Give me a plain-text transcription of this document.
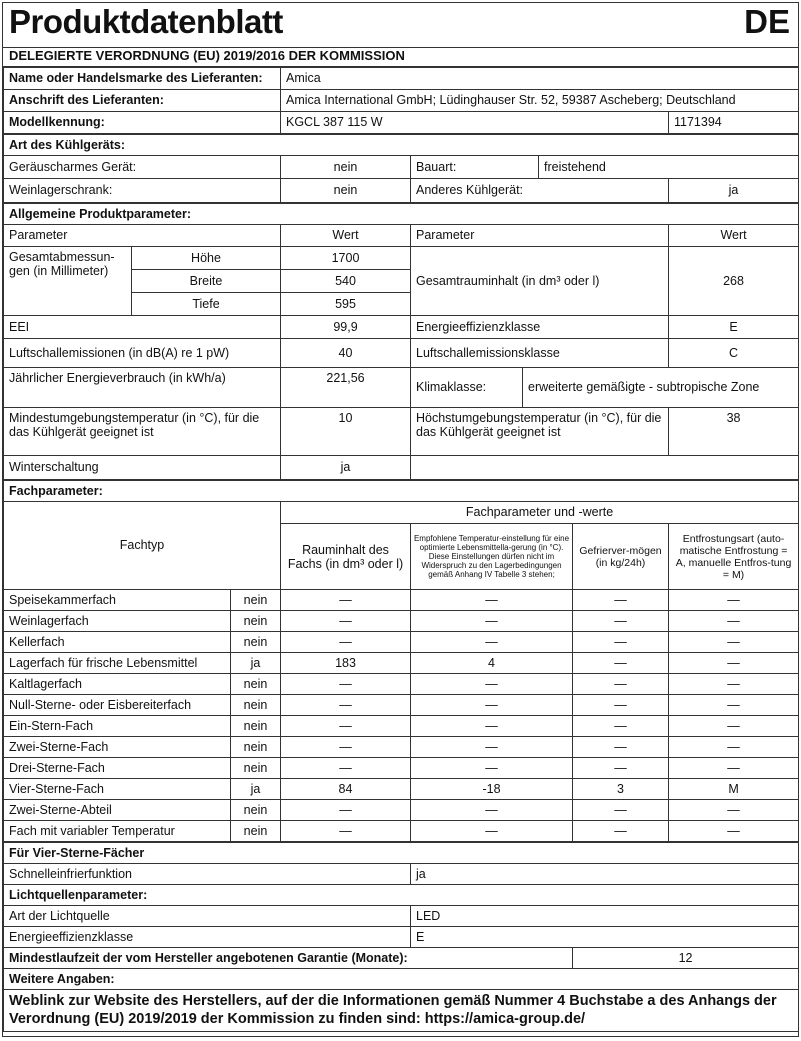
Produktdatenblatt	DE
DELEGIERTE VERORDNUNG (EU) 2019/2016 DER KOMMISSION
Name oder Handelsmarke des Lieferanten:	Amica	
Anschrift des Lieferanten:	Amica International GmbH; Lüdinghauser Str. 52, 59387 Ascheberg; Deutschland	
Modellkennung:	KGCL 387 115 W	1171394
Art des Kühlgeräts:				
Geräuscharmes Gerät:	nein	Bauart:	freistehend	
Weinlagerschrank:	nein	Anderes Kühlgerät:		ja
Allgemeine Produktparameter:					
Parameter		Wert	Parameter		Wert
Gesamtabmessun-gen (in Millimeter)	Höhe	1700	Gesamtrauminhalt (in dm³ oder l)		268
	Breite	540			
	Tiefe	595			
EEI		99,9	Energieeffizienzklasse		E
Luftschallemissionen (in dB(A) re 1 pW)		40	Luftschallemissionsklasse		C
Jährlicher Energieverbrauch (in kWh/a)		221,56	Klimaklasse:	erweiterte gemäßigte - subtropische Zone	
Mindestumgebungstemperatur (in °C), für die das Kühlgerät geeignet ist		10	Höchstumgebungstemperatur (in °C), für die das Kühlgerät geeignet ist		38
Winterschaltung		ja			
Fachparameter:					
Fachtyp		Fachparameter und -werte			
		Rauminhalt des Fachs (in dm³ oder l)	Empfohlene Temperatur-einstellung für eine optimierte Lebensmittella-gerung (in °C). Diese Einstellungen dürfen nicht im Widerspruch zu den Lagerbedingungen gemäß Anhang IV Tabelle 3 stehen;	Gefrierver-mögen (in kg/24h)	Entfrostungsart (auto-matische Entfrostung = A, manuelle Entfros-tung = M)
Speisekammerfach	nein	—	—	—	—
Weinlagerfach	nein	—	—	—	—
Kellerfach	nein	—	—	—	—
Lagerfach für frische Lebensmittel	ja	183	4	—	—
Kaltlagerfach	nein	—	—	—	—
Null-Sterne- oder Eisbereiterfach	nein	—	—	—	—
Ein-Stern-Fach	nein	—	—	—	—
Zwei-Sterne-Fach	nein	—	—	—	—
Drei-Sterne-Fach	nein	—	—	—	—
Vier-Sterne-Fach	ja	84	-18	3	M
Zwei-Sterne-Abteil	nein	—	—	—	—
Fach mit variabler Temperatur	nein	—	—	—	—
Für Vier-Sterne-Fächer		
Schnelleinfrierfunktion	ja	
Lichtquellenparameter:		
Art der Lichtquelle	LED	
Energieeffizienzklasse	E	
Mindestlaufzeit der vom Hersteller angebotenen Garantie (Monate):		12
Weitere Angaben:		
Weblink zur Website des Herstellers, auf der die Informationen gemäß Nummer 4 Buchstabe a des Anhangs der Verordnung (EU) 2019/2019 der Kommission zu finden sind: https://amica-group.de/		
